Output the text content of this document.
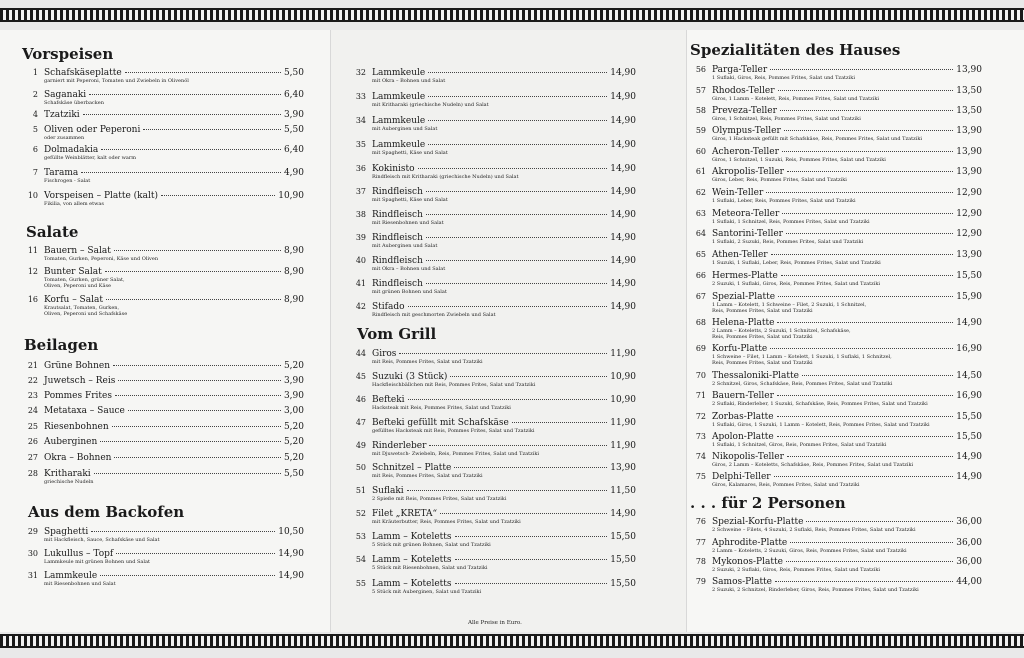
Vorspeisen
1 Schafskäseplatte	5,50
garniert mit Peperoni, Tomaten und Zwiebeln in Olivenöl
2 Saganaki	6,40
Schafskäse überbacken
4 Tzatziki	3,90
5 Oliven oder Peperoni	5,50
oder zusammen
6 Dolmadakia	6,40
gefüllte Weinblätter, kalt oder warm
7 Tarama	4,90
Fischrogen - Salat
10 Vorspeisen – Platte (kalt)	10,90
Fikilia, von allem etwas
Salate
11 Bauern – Salat	8,90
Tomaten, Gurken, Peperoni, Käse und Oliven
12 Bunter Salat	8,90
Tomaten, Gurken, grüner Salat,
Oliven, Peperoni und Käse
16 Korfu – Salat	8,90
Krautsalat, Tomaten, Gurken,
Oliven, Peperoni und Schafskäse
Beilagen
21 Grüne Bohnen	5,20
22 Juwetsch – Reis	3,90
23 Pommes Frites	3,90
24 Metataxa – Sauce	3,00
25 Riesenbohnen	5,20
26 Auberginen	5,20
27 Okra – Bohnen	5,20
28 Kritharaki	5,50
griechische Nudeln
Aus dem Backofen
29 Spaghetti	10,50
mit Hackfleisch, Sauce, Schafskäse und Salat
30 Lukullus – Topf	14,90
Lammkeule mit grünen Bohnen und Salat
31 Lammkeule	14,90
mit Riesenbohnen und Salat
32 Lammkeule	14,90
mit Okra – Bohnen und Salat
33 Lammkeule	14,90
mit Kritharaki (griechische Nudeln) und Salat
34 Lammkeule	14,90
mit Auberginen und Salat
35 Lammkeule	14,90
mit Spaghetti, Käse und Salat
36 Kokinisto	14,90
Rindfleisch mit Kritharaki (griechische Nudeln) und Salat
37 Rindfleisch	14,90
mit Spaghetti, Käse und Salat
38 Rindfleisch	14,90
mit Riesenbohnen und Salat
39 Rindfleisch	14,90
mit Auberginen und Salat
40 Rindfleisch	14,90
mit Okra – Bohnen und Salat
41 Rindfleisch	14,90
mit grünen Bohnen und Salat
42 Stifado	14,90
Rindfleisch mit geschmorten Zwiebeln und Salat
Vom Grill
44 Giros	11,90
mit Reis, Pommes Frites, Salat und Tzatziki
45 Suzuki (3 Stück)	10,90
Hackfleischbällchen mit Reis, Pommes Frites, Salat und Tzatziki
46 Befteki	10,90
Hacksteak mit Reis, Pommes Frites, Salat und Tzatziki
47 Befteki gefüllt mit Schafskäse	11,90
gefülltes Hacksteak mit Reis, Pommes Frites, Salat und Tzatziki
49 Rinderleber	11,90
mit Djuwetsch- Zwiebeln, Reis, Pommes Frites, Salat und Tzatziki
50 Schnitzel – Platte	13,90
mit Reis, Pommes Frites, Salat und Tzatziki
51 Suflaki	11,50
2 Spieße mit Reis, Pommes Frites, Salat und Tzatziki
52 Filet „KRETA“	14,90
mit Kräuterbutter, Reis, Pommes Frites, Salat und Tzatziki
53 Lamm – Koteletts	15,50
5 Stück mit grünen Bohnen, Salat und Tzatziki
54 Lamm – Koteletts	15,50
5 Stück mit Riesenbohnen, Salat und Tzatziki
55 Lamm – Koteletts	15,50
5 Stück mit Auberginen, Salat und Tzatziki
Spezialitäten des Hauses
56 Parga-Teller	13,90
1 Suflaki, Giros, Reis, Pommes Frites, Salat und Tzatziki
57 Rhodos-Teller	13,50
Giros, 1 Lamm – Kotelett, Reis, Pommes Frites, Salat und Tzatziki
58 Preveza-Teller	13,50
Giros, 1 Schnitzel, Reis, Pommes Frites, Salat und Tzatziki
59 Olympus-Teller	13,90
Giros, 1 Hacksteak gefüllt mit Schafskäse, Reis, Pommes Frites, Salat und Tzatziki
60 Acheron-Teller	13,90
Giros, 1 Schnitzel, 1 Suzuki, Reis, Pommes Frites, Salat und Tzatziki
61 Akropolis-Teller	13,90
Giros, Leber, Reis, Pommes Frites, Salat und Tzatziki
62 Wein-Teller	12,90
1 Suflaki, Leber, Reis, Pommes Frites, Salat und Tzatziki
63 Meteora-Teller	12,90
1 Suflaki, 1 Schnitzel, Reis, Pommes Frites, Salat und Tzatziki
64 Santorini-Teller	12,90
1 Suflaki, 2 Suzuki, Reis, Pommes Frites, Salat und Tzatziki
65 Athen-Teller	13,90
1 Suzuki, 1 Suflaki, Leber, Reis, Pommes Frites, Salat und Tzatziki
66 Hermes-Platte	15,50
2 Suzuki, 1 Suflaki, Giros, Reis, Pommes Frites, Salat und Tzatziki
67 Spezial-Platte	15,90
1 Lamm – Kotelett, 1 Schweine – Filet, 2 Suzuki, 1 Schnitzel,
Reis, Pommes Frites, Salat und Tzatziki
68 Helena-Platte	14,90
2 Lamm – Koteletts, 2 Suzuki, 1 Schnitzel, Schafskäse,
Reis, Pommes Frites, Salat und Tzatziki
69 Korfu-Platte	16,90
1 Schweine – Filet, 1 Lamm – Kotelett, 1 Suzuki, 1 Suflaki, 1 Schnitzel,
Reis, Pommes Frites, Salat und Tzatziki
70 Thessaloniki-Platte	14,50
2 Schnitzel, Giros, Schafskäse, Reis, Pommes Frites, Salat und Tzatziki
71 Bauern-Teller	16,90
2 Suflaki, Rinderleber, 1 Suzuki, Schafskäse, Reis, Pommes Frites, Salat und Tzatziki
72 Zorbas-Platte	15,50
1 Suflaki, Giros, 1 Suzuki, 1 Lamm – Kotelett, Reis, Pommes Frites, Salat und Tzatziki
73 Apolon-Platte	15,50
1 Suflaki, 1 Schnitzel, Giros, Reis, Pommes Frites, Salat und Tzatziki
74 Nikopolis-Teller	14,90
Giros, 2 Lamm – Koteletts, Schafskäse, Reis, Pommes Frites, Salat und Tzatziki
75 Delphi-Teller	14,90
Giros, Kalamares, Reis, Pommes Frites, Salat und Tzatziki
. . . für 2 Personen
76 Spezial-Korfu-Platte	36,00
2 Schweine – Filets, 4 Suzuki, 2 Suflaki, Reis, Pommes Frites, Salat und Tzatziki
77 Aphrodite-Platte	36,00
2 Lamm – Koteletts, 2 Suzuki, Giros, Reis, Pommes Frites, Salat und Tzatziki
78 Mykonos-Platte	36,00
2 Suzuki, 2 Suflaki, Giros, Reis, Pommes Frites, Salat und Tzatziki
79 Samos-Platte	44,00
2 Suzuki, 2 Schnitzel, Rinderleber, Giros, Reis, Pommes Frites, Salat und Tzatziki
Alle Preise in Euro.
